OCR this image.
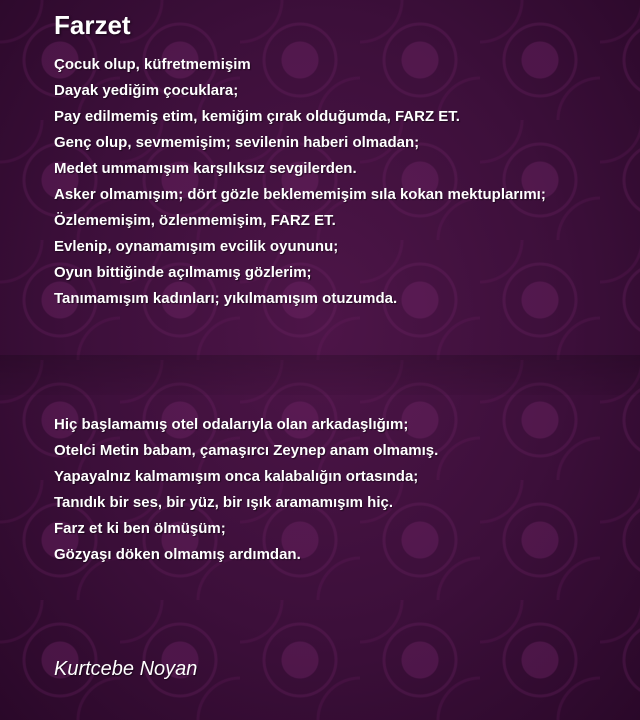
Farzet
Çocuk olup, küfretmemişim
Dayak yediğim çocuklara;
Pay edilmemiş etim, kemiğim çırak olduğumda, FARZ ET.
Genç olup, sevmemişim; sevilenin haberi olmadan;
Medet ummamışım karşılıksız sevgilerden.
Asker olmamışım; dört gözle beklememişim sıla kokan mektuplarımı;
Özlememişim, özlenmemişim, FARZ ET.
Evlenip, oynamamışım evcilik oyununu;
Oyun bittiğinde açılmamış gözlerim;
Tanımamışım kadınları; yıkılmamışım otuzumda.
Hiç başlamamış otel odalarıyla olan arkadaşlığım;
Otelci Metin babam, çamaşırcı Zeynep anam olmamış.
Yapayalnız kalmamışım onca kalabalığın ortasında;
Tanıdık bir ses, bir yüz, bir ışık aramamışım hiç.
Farz et ki ben ölmüşüm;
Gözyaşı döken olmamış ardımdan.
Kurtcebe Noyan
